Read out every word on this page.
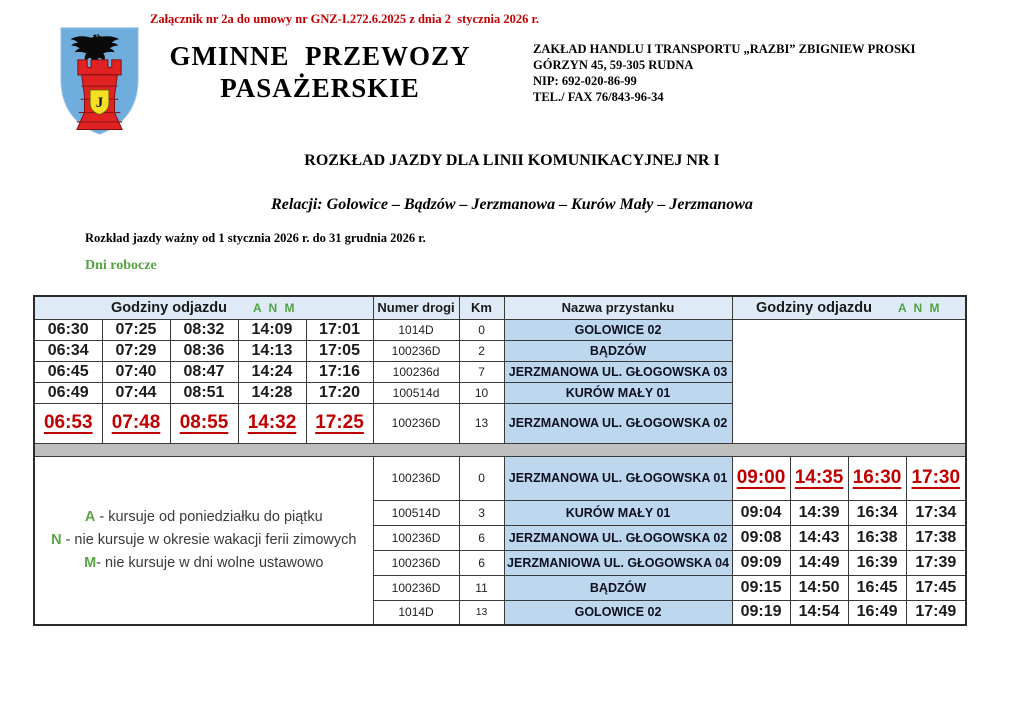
Załącznik nr 2a do umowy nr GNZ-I.272.6.2025 z dnia 2  stycznia 2026 r.
J
GMINNE  PRZEWOZY
PASAŻERSKIE
ZAKŁAD HANDLU I TRANSPORTU „RAZBI” ZBIGNIEW PROSKI
GÓRZYN 45, 59-305 RUDNA
NIP: 692-020-86-99
TEL./ FAX 76/843-96-34
ROZKŁAD JAZDY DLA LINII KOMUNIKACYJNEJ NR I
Relacji: Golowice – Bądzów – Jerzmanowa – Kurów Mały – Jerzmanowa
Rozkład jazdy ważny od 1 stycznia 2026 r. do 31 grudnia 2026 r.
Dni robocze
Godziny odjazdu A N M					Numer drogi	Km	Nazwa przystanku	Godziny odjazdu A N M			

06:30	07:25	08:32	14:09	17:01	1014D	0	GOLOWICE 02				
06:34	07:29	08:36	14:13	17:05	100236D	2	BĄDZÓW				
06:45	07:40	08:47	14:24	17:16	100236d	7	JERZMANOWA UL. GŁOGOWSKA 03				
06:49	07:44	08:51	14:28	17:20	100514d	10	KURÓW MAŁY 01				
06:53	07:48	08:55	14:32	17:25	100236D	13	JERZMANOWA UL. GŁOGOWSKA 02				

A - kursuje od poniedziałku do piątku
N - nie kursuje w okresie wakacji ferii zimowych
M- nie kursuje w dni wolne ustawowo					100236D	0	JERZMANOWA UL. GŁOGOWSKA 01	09:00	14:35	16:30	17:30
					100514D	3	KURÓW MAŁY 01	09:04	14:39	16:34	17:34
					100236D	6	JERZMANOWA UL. GŁOGOWSKA 02	09:08	14:43	16:38	17:38
					100236D	6	JERZMANIOWA UL. GŁOGOWSKA 04	09:09	14:49	16:39	17:39
					100236D	11	BĄDZÓW	09:15	14:50	16:45	17:45
					1014D	13	GOLOWICE 02	09:19	14:54	16:49	17:49
